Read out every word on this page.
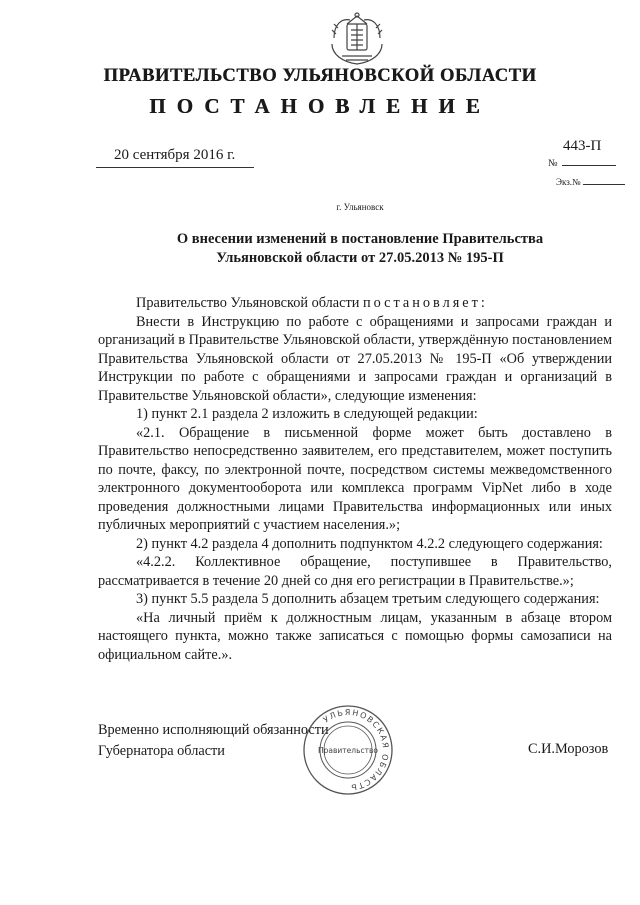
ПРАВИТЕЛЬСТВО УЛЬЯНОВСКОЙ ОБЛАСТИ
ПОСТАНОВЛЕНИЕ
20 сентября 2016 г.
443-П
№
Экз.№
г. Ульяновск
О внесении изменений в постановление Правительства
Ульяновской области от 27.05.2013 № 195-П

Правительство Ульяновской области постановляет:

Внести в Инструкцию по работе с обращениями и запросами граждан и организаций в Правительстве Ульяновской области, утверждённую постановлением Правительства Ульяновской области от 27.05.2013 № 195-П «Об утверждении Инструкции по работе с обращениями и запросами граждан и организаций в Правительстве Ульяновской области», следующие изменения:

1) пункт 2.1 раздела 2 изложить в следующей редакции:

«2.1. Обращение в письменной форме может быть доставлено в Правительство непосредственно заявителем, его представителем, может поступить по почте, факсу, по электронной почте, посредством системы межведомственного электронного документооборота или комплекса программ VipNet либо в ходе проведения должностными лицами Правительства информационных или иных публичных мероприятий с участием населения.»;

2) пункт 4.2 раздела 4 дополнить подпунктом 4.2.2 следующего содержания:

«4.2.2. Коллективное обращение, поступившее в Правительство, рассматривается в течение 20 дней со дня его регистрации в Правительстве.»;

3) пункт 5.5 раздела 5 дополнить абзацем третьим следующего содержания:

«На личный приём к должностным лицам, указанным в абзаце втором настоящего пункта, можно также записаться с помощью формы самозаписи на официальном сайте.».

Временно исполняющий обязанности
Губернатора области	С.И.Морозов
УЛЬЯНОВСКАЯ ОБЛАСТЬ
Правительство
